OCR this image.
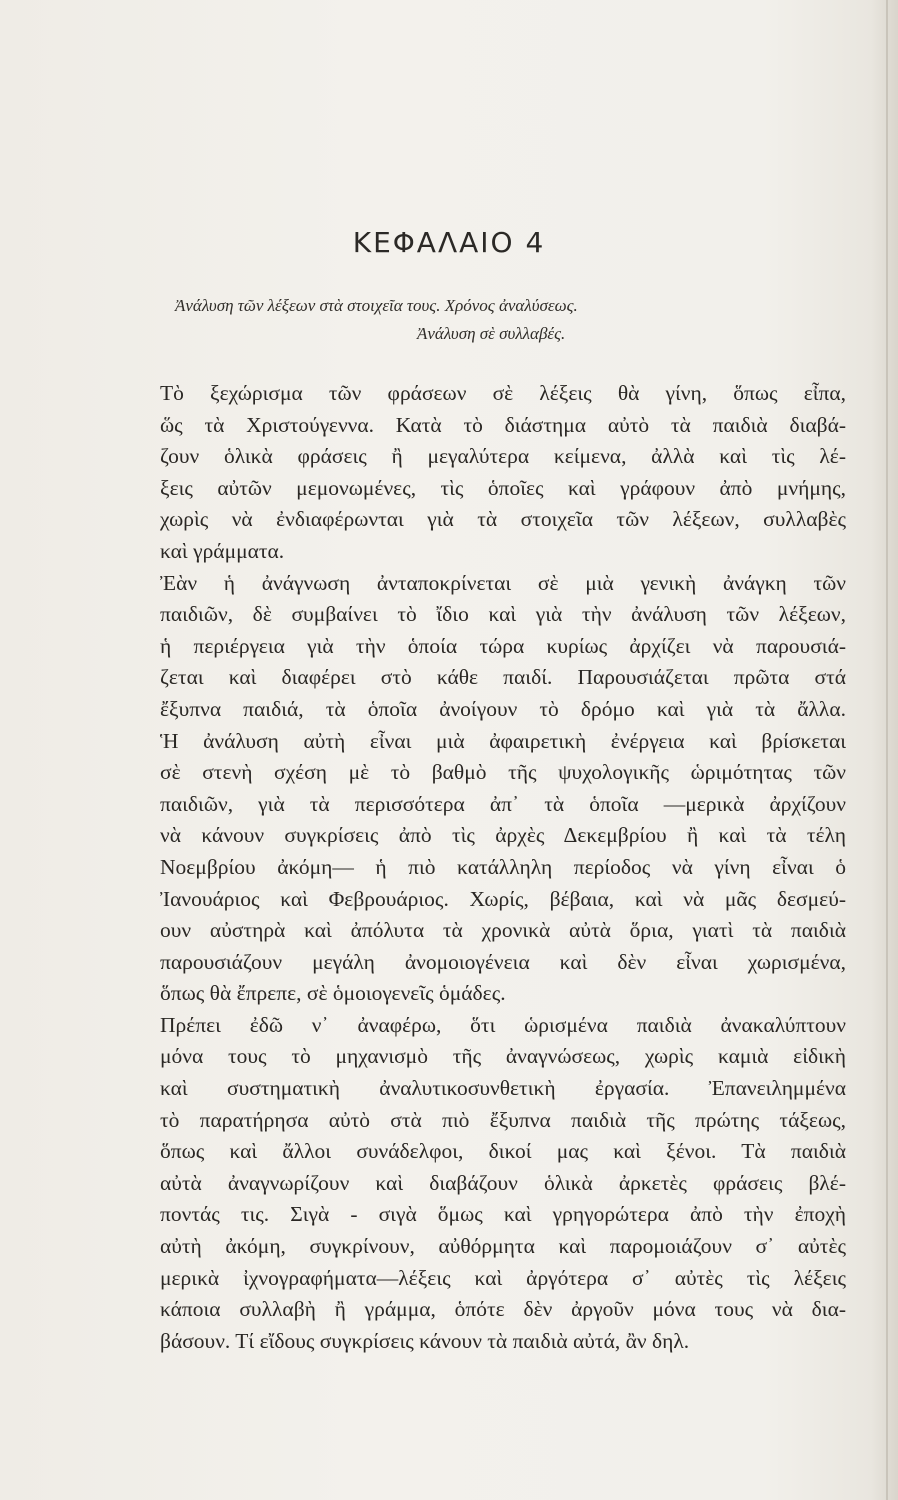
ΚΕΦΑΛΑΙΟ 4
Ἀνάλυση τῶν λέξεων στὰ στοιχεῖα τους. Χρόνος ἀναλύσεως.
Ἀνάλυση σὲ συλλαβές.
Τὸ ξεχώρισμα τῶν φράσεων σὲ λέξεις θὰ γίνη, ὅπως εἶπα,
ὥς τὰ Χριστούγεννα. Κατὰ τὸ διάστημα αὐτὸ τὰ παιδιὰ διαβά-
ζουν ὁλικὰ φράσεις ἢ μεγαλύτερα κείμενα, ἀλλὰ καὶ τὶς λέ-
ξεις αὐτῶν μεμονωμένες, τὶς ὁποῖες καὶ γράφουν ἀπὸ μνήμης,
χωρὶς νὰ ἐνδιαφέρωνται γιὰ τὰ στοιχεῖα τῶν λέξεων, συλλαβὲς
καὶ γράμματα.
Ἐὰν ἡ ἀνάγνωση ἀνταποκρίνεται σὲ μιὰ γενικὴ ἀνάγκη τῶν
παιδιῶν, δὲ συμβαίνει τὸ ἴδιο καὶ γιὰ τὴν ἀνάλυση τῶν λέξεων,
ἡ περιέργεια γιὰ τὴν ὁποία τώρα κυρίως ἀρχίζει νὰ παρουσιά-
ζεται καὶ διαφέρει στὸ κάθε παιδί. Παρουσιάζεται πρῶτα στά
ἔξυπνα παιδιά, τὰ ὁποῖα ἀνοίγουν τὸ δρόμο καὶ γιὰ τὰ ἄλλα.
Ἡ ἀνάλυση αὐτὴ εἶναι μιὰ ἀφαιρετικὴ ἐνέργεια καὶ βρίσκεται
σὲ στενὴ σχέση μὲ τὸ βαθμὸ τῆς ψυχολογικῆς ὡριμότητας τῶν
παιδιῶν, γιὰ τὰ περισσότερα ἀπ᾽ τὰ ὁποῖα —μερικὰ ἀρχίζουν
νὰ κάνουν συγκρίσεις ἀπὸ τὶς ἀρχὲς Δεκεμβρίου ἢ καὶ τὰ τέλη
Νοεμβρίου ἀκόμη— ἡ πιὸ κατάλληλη περίοδος νὰ γίνη εἶναι ὁ
Ἰανουάριος καὶ Φεβρουάριος. Χωρίς, βέβαια, καὶ νὰ μᾶς δεσμεύ-
ουν αὐστηρὰ καὶ ἀπόλυτα τὰ χρονικὰ αὐτὰ ὅρια, γιατὶ τὰ παιδιὰ
παρουσιάζουν μεγάλη ἀνομοιογένεια καὶ δὲν εἶναι χωρισμένα,
ὅπως θὰ ἔπρεπε, σὲ ὁμοιογενεῖς ὁμάδες.
Πρέπει ἐδῶ ν᾽ ἀναφέρω, ὅτι ὡρισμένα παιδιὰ ἀνακαλύπτουν
μόνα τους τὸ μηχανισμὸ τῆς ἀναγνώσεως, χωρὶς καμιὰ εἰδικὴ
καὶ συστηματικὴ ἀναλυτικοσυνθετικὴ ἐργασία. Ἐπανειλημμένα
τὸ παρατήρησα αὐτὸ στὰ πιὸ ἔξυπνα παιδιὰ τῆς πρώτης τάξεως,
ὅπως καὶ ἄλλοι συνάδελφοι, δικοί μας καὶ ξένοι. Τὰ παιδιὰ
αὐτὰ ἀναγνωρίζουν καὶ διαβάζουν ὁλικὰ ἀρκετὲς φράσεις βλέ-
ποντάς τις. Σιγὰ - σιγὰ ὅμως καὶ γρηγορώτερα ἀπὸ τὴν ἐποχὴ
αὐτὴ ἀκόμη, συγκρίνουν, αὐθόρμητα καὶ παρομοιάζουν σ᾽ αὐτὲς
μερικὰ ἰχνογραφήματα—λέξεις καὶ ἀργότερα σ᾽ αὐτὲς τὶς λέξεις
κάποια συλλαβὴ ἢ γράμμα, ὁπότε δὲν ἀργοῦν μόνα τους νὰ δια-
βάσουν. Τί εἴδους συγκρίσεις κάνουν τὰ παιδιὰ αὐτά, ἂν δηλ.
